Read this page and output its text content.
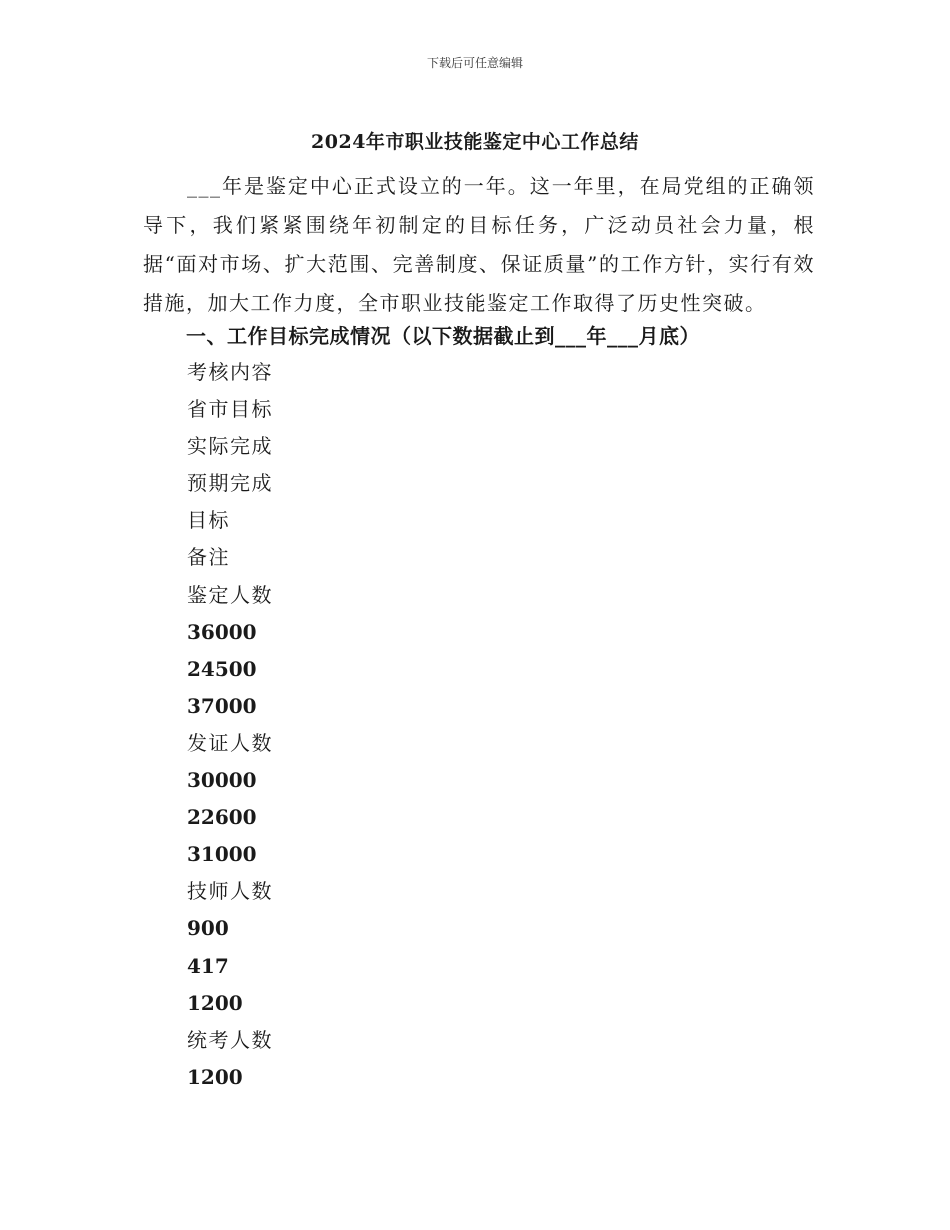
下载后可任意编辑
2024年市职业技能鉴定中心工作总结

___年是鉴定中心正式设立的一年。这一年里，在局党组的正确领导下，我们紧紧围绕年初制定的目标任务，广泛动员社会力量，根据“面对市场、扩大范围、完善制度、保证质量”的工作方针，实行有效措施，加大工作力度，全市职业技能鉴定工作取得了历史性突破。

一、工作目标完成情况（以下数据截止到___年___月底）
考核内容
省市目标
实际完成
预期完成
目标
备注
鉴定人数
36000
24500
37000
发证人数
30000
22600
31000
技师人数
900
417
1200
统考人数
1200
